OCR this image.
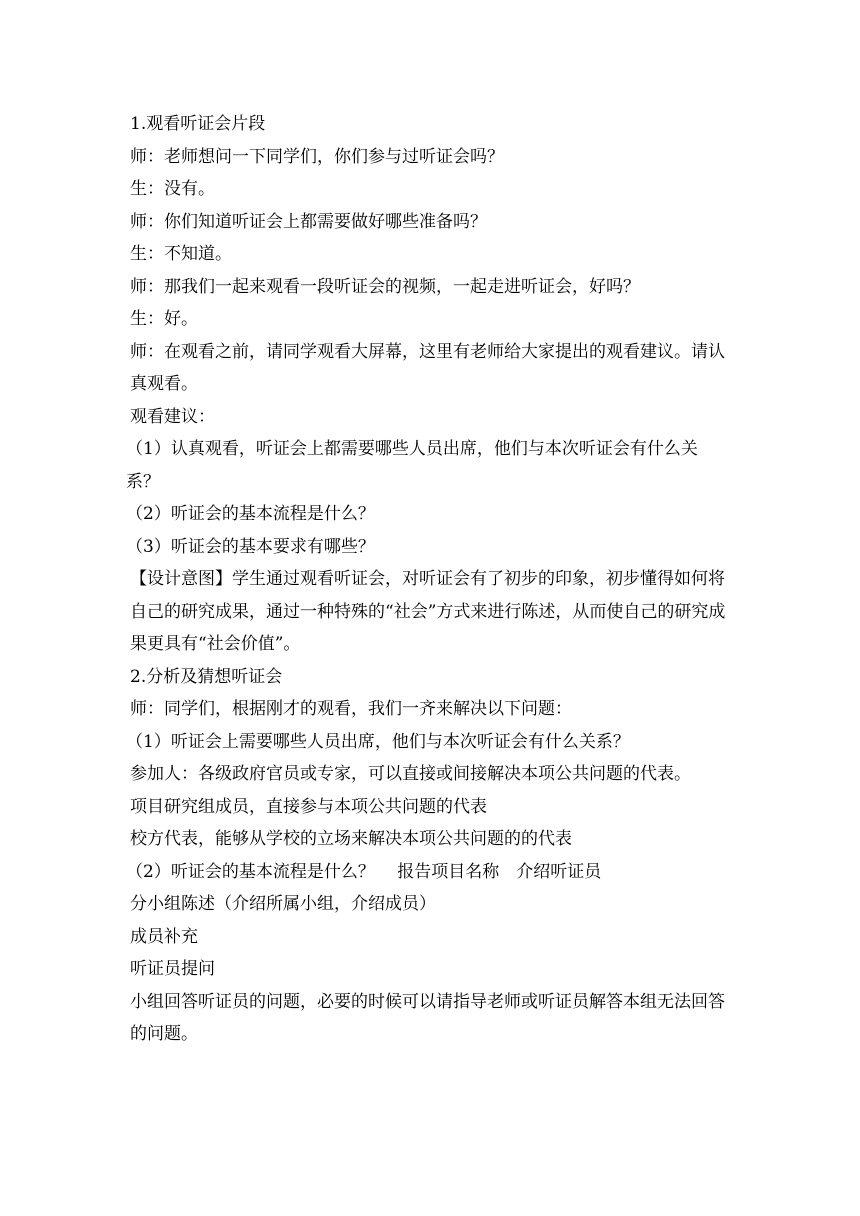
1.观看听证会片段

师：老师想问一下同学们，你们参与过听证会吗？

生：没有。

师：你们知道听证会上都需要做好哪些准备吗？

生：不知道。

师：那我们一起来观看一段听证会的视频，一起走进听证会，好吗？

生：好。

师：在观看之前，请同学观看大屏幕，这里有老师给大家提出的观看建议。请认真观看。

观看建议：

（1）认真观看，听证会上都需要哪些人员出席，他们与本次听证会有什么关系？

（2）听证会的基本流程是什么？

（3）听证会的基本要求有哪些？

【设计意图】学生通过观看听证会，对听证会有了初步的印象，初步懂得如何将自己的研究成果，通过一种特殊的“社会”方式来进行陈述，从而使自己的研究成果更具有“社会价值”。

2.分析及猜想听证会

师：同学们，根据刚才的观看，我们一齐来解决以下问题：

（1）听证会上需要哪些人员出席，他们与本次听证会有什么关系？

参加人：各级政府官员或专家，可以直接或间接解决本项公共问题的代表。

项目研究组成员，直接参与本项公共问题的代表

校方代表，能够从学校的立场来解决本项公共问题的的代表

（2）听证会的基本流程是什么？　 报告项目名称　介绍听证员

分小组陈述（介绍所属小组，介绍成员）

成员补充

听证员提问

小组回答听证员的问题，必要的时候可以请指导老师或听证员解答本组无法回答的问题。
